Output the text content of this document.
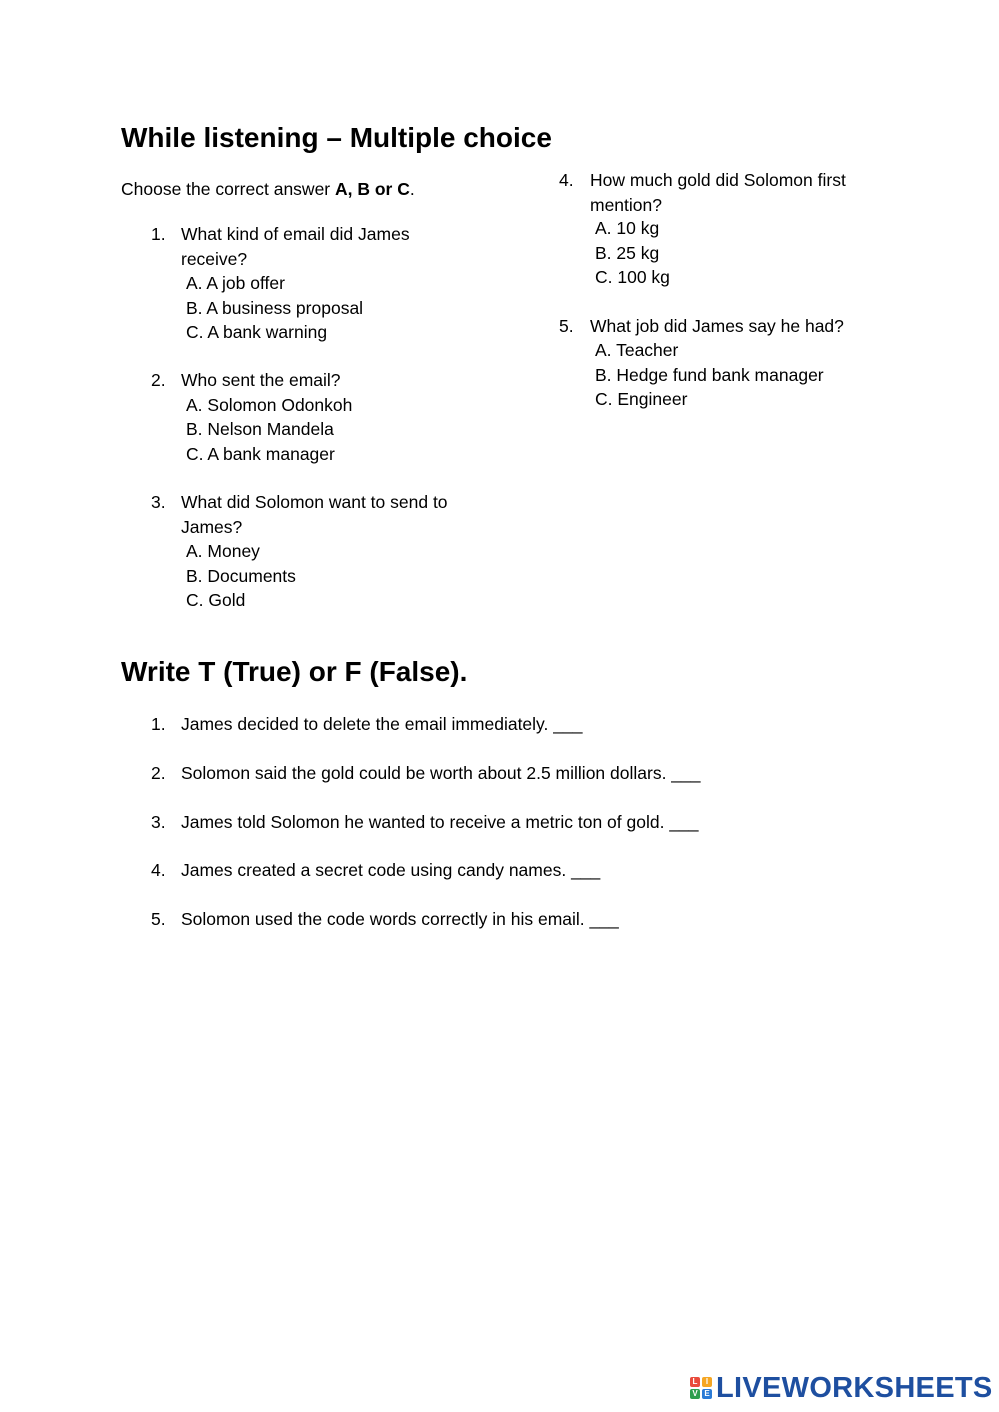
While listening – Multiple choice
Choose the correct answer A, B or C.
1. What kind of email did James
receive?
A. A job offer
B. A business proposal
C. A bank warning
2. Who sent the email?
A. Solomon Odonkoh
B. Nelson Mandela
C. A bank manager
3. What did Solomon want to send to
James?
A. Money
B. Documents
C. Gold
4. How much gold did Solomon first
mention?
A. 10 kg
B. 25 kg
C. 100 kg
5. What job did James say he had?
A. Teacher
B. Hedge fund bank manager
C. Engineer
Write T (True) or F (False).
1. James decided to delete the email immediately. ___
2. Solomon said the gold could be worth about 2.5 million dollars. ___
3. James told Solomon he wanted to receive a metric ton of gold. ___
4. James created a secret code using candy names. ___
5. Solomon used the code words correctly in his email. ___
L	I
V E LIVEWORKSHEETS
